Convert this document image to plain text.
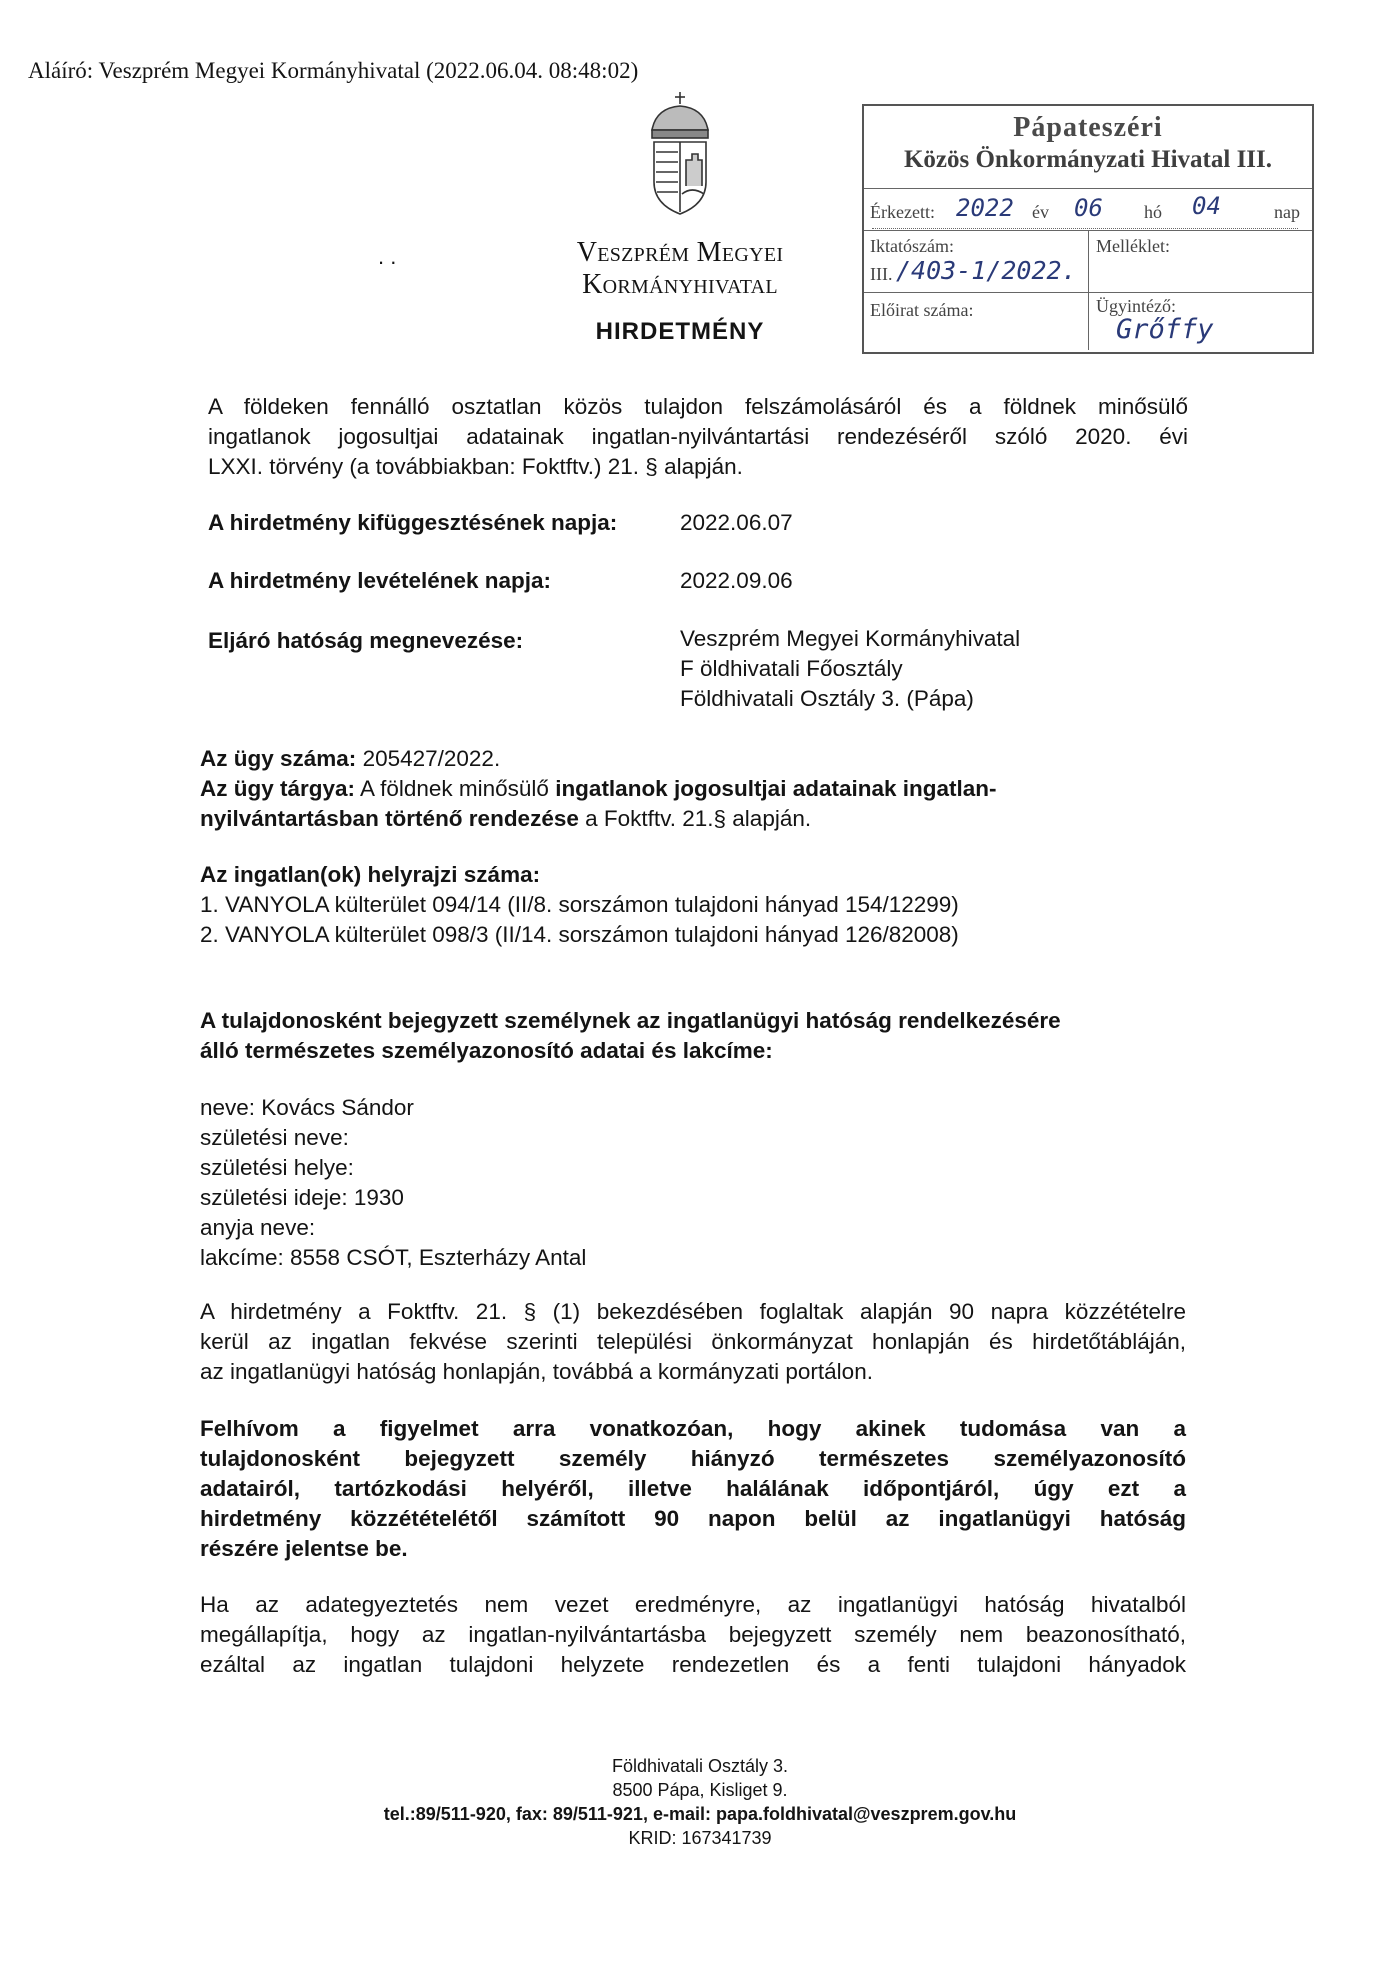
Aláíró: Veszprém Megyei Kormányhivatal (2022.06.04. 08:48:02)
Veszprém Megyei
Kormányhivatal
HIRDETMÉNY
. .
Pápateszéri
Közös Önkormányzati Hivatal III.
Érkezett: 2022 év 06 hó 04	nap
Iktatószám:
III. /403-1/2022.
Melléklet:
Előirat száma:	Ügyintéző:
Grőffy
A földeken fennálló osztatlan közös tulajdon felszámolásáról és a földnek minősülő
ingatlanok jogosultjai adatainak ingatlan-nyilvántartási rendezéséről szóló 2020. évi
LXXI. törvény (a továbbiakban: Foktftv.) 21. § alapján.
A hirdetmény kifüggesztésének napja:	2022.06.07
A hirdetmény levételének napja:	2022.09.06
Eljáró hatóság megnevezése:	Veszprém Megyei Kormányhivatal
F öldhivatali Főosztály
Földhivatali Osztály 3. (Pápa)
Az ügy száma: 205427/2022.
Az ügy tárgya: A földnek minősülő ingatlanok jogosultjai adatainak ingatlan-
nyilvántartásban történő rendezése a Foktftv. 21.§ alapján.
Az ingatlan(ok) helyrajzi száma:
1. VANYOLA külterület 094/14 (II/8. sorszámon tulajdoni hányad 154/12299)
2. VANYOLA külterület 098/3 (II/14. sorszámon tulajdoni hányad 126/82008)
A tulajdonosként bejegyzett személynek az ingatlanügyi hatóság rendelkezésére
álló természetes személyazonosító adatai és lakcíme:
neve: Kovács Sándor
születési neve:
születési helye:
születési ideje: 1930
anyja neve:
lakcíme: 8558 CSÓT, Eszterházy Antal
A hirdetmény a Foktftv. 21. § (1) bekezdésében foglaltak alapján 90 napra közzétételre
kerül az ingatlan fekvése szerinti települési önkormányzat honlapján és hirdetőtábláján,
az ingatlanügyi hatóság honlapján, továbbá a kormányzati portálon.
Felhívom a figyelmet arra vonatkozóan, hogy akinek tudomása van a
tulajdonosként bejegyzett személy hiányzó természetes személyazonosító
adatairól, tartózkodási helyéről, illetve halálának időpontjáról, úgy ezt a
hirdetmény közzétételétől számított 90 napon belül az ingatlanügyi hatóság
részére jelentse be.
Ha az adategyeztetés nem vezet eredményre, az ingatlanügyi hatóság hivatalból
megállapítja, hogy az ingatlan-nyilvántartásba bejegyzett személy nem beazonosítható,
ezáltal az ingatlan tulajdoni helyzete rendezetlen és a fenti tulajdoni hányadok
Földhivatali Osztály 3.
8500 Pápa, Kisliget 9.
tel.:89/511-920, fax: 89/511-921, e-mail: papa.foldhivatal@veszprem.gov.hu
KRID: 167341739
